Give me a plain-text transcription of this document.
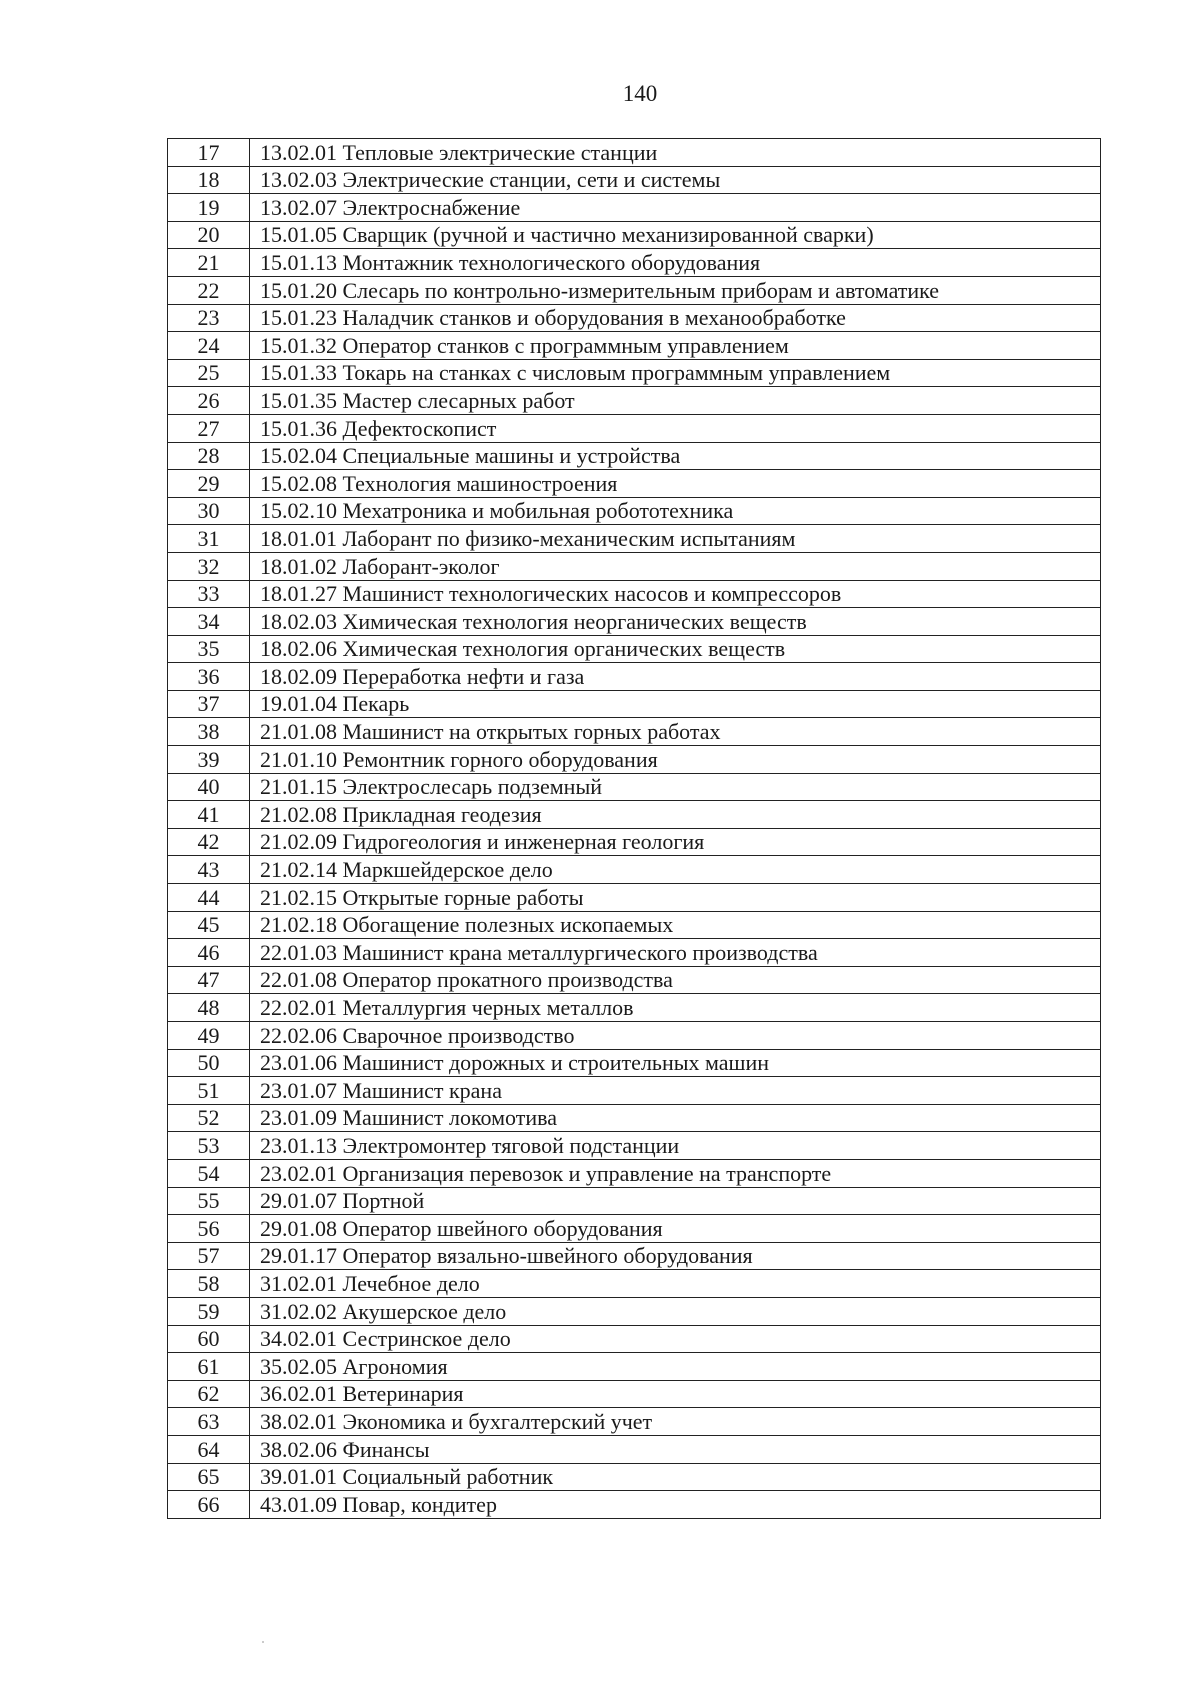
140
17	13.02.01 Тепловые электрические станции
18	13.02.03 Электрические станции, сети и системы
19	13.02.07 Электроснабжение
20	15.01.05 Сварщик (ручной и частично механизированной сварки)
21	15.01.13 Монтажник технологического оборудования
22	15.01.20 Слесарь по контрольно-измерительным приборам и автоматике
23	15.01.23 Наладчик станков и оборудования в механообработке
24	15.01.32 Оператор станков с программным управлением
25	15.01.33 Токарь на станках с числовым программным управлением
26	15.01.35 Мастер слесарных работ
27	15.01.36 Дефектоскопист
28	15.02.04 Специальные машины и устройства
29	15.02.08 Технология машиностроения
30	15.02.10 Мехатроника и мобильная робототехника
31	18.01.01 Лаборант по физико-механическим испытаниям
32	18.01.02 Лаборант-эколог
33	18.01.27 Машинист технологических насосов и компрессоров
34	18.02.03 Химическая технология неорганических веществ
35	18.02.06 Химическая технология органических веществ
36	18.02.09 Переработка нефти и газа
37	19.01.04 Пекарь
38	21.01.08 Машинист на открытых горных работах
39	21.01.10 Ремонтник горного оборудования
40	21.01.15 Электрослесарь подземный
41	21.02.08 Прикладная геодезия
42	21.02.09 Гидрогеология и инженерная геология
43	21.02.14 Маркшейдерское дело
44	21.02.15 Открытые горные работы
45	21.02.18 Обогащение полезных ископаемых
46	22.01.03 Машинист крана металлургического производства
47	22.01.08 Оператор прокатного производства
48	22.02.01 Металлургия черных металлов
49	22.02.06 Сварочное производство
50	23.01.06 Машинист дорожных и строительных машин
51	23.01.07 Машинист крана
52	23.01.09 Машинист локомотива
53	23.01.13 Электромонтер тяговой подстанции
54	23.02.01 Организация перевозок и управление на транспорте
55	29.01.07 Портной
56	29.01.08 Оператор швейного оборудования
57	29.01.17 Оператор вязально-швейного оборудования
58	31.02.01 Лечебное дело
59	31.02.02 Акушерское дело
60	34.02.01 Сестринское дело
61	35.02.05 Агрономия
62	36.02.01 Ветеринария
63	38.02.01 Экономика и бухгалтерский учет
64	38.02.06 Финансы
65	39.01.01 Социальный работник
66	43.01.09 Повар, кондитер
